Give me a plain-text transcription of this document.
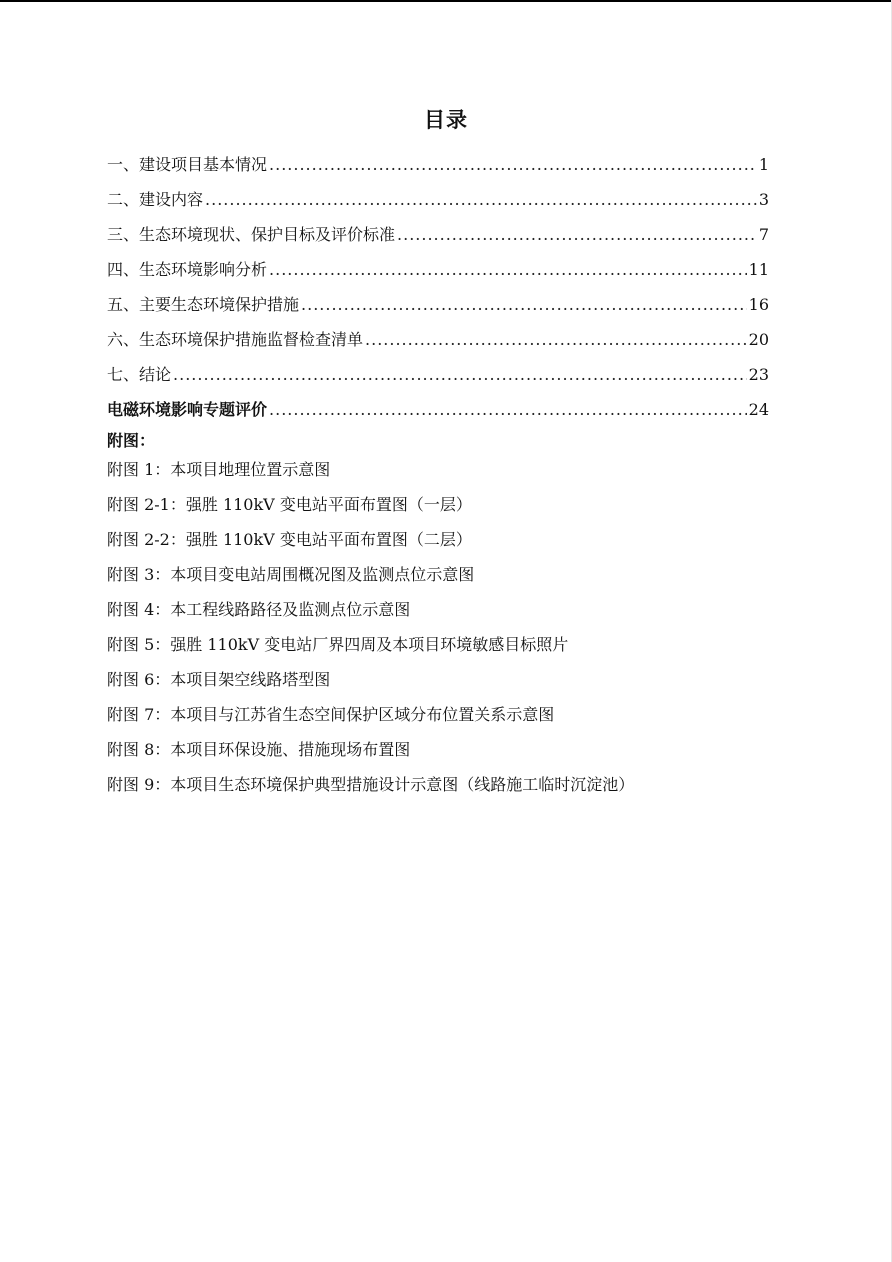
目录
一、建设项目基本情况 .....	1
二、建设内容 .....	3
三、生态环境现状、保护目标及评价标准 .....	7
四、生态环境影响分析 .....	11
五、主要生态环境保护措施 .....	16
六、生态环境保护措施监督检查清单 .....	20
七、结论 .....	23
电磁环境影响专题评价 .....	24
附图：
附图 1：本项目地理位置示意图
附图 2-1：强胜 110kV 变电站平面布置图（一层）
附图 2-2：强胜 110kV 变电站平面布置图（二层）
附图 3：本项目变电站周围概况图及监测点位示意图
附图 4：本工程线路路径及监测点位示意图
附图 5：强胜 110kV 变电站厂界四周及本项目环境敏感目标照片
附图 6：本项目架空线路塔型图
附图 7：本项目与江苏省生态空间保护区域分布位置关系示意图
附图 8：本项目环保设施、措施现场布置图
附图 9：本项目生态环境保护典型措施设计示意图（线路施工临时沉淀池）
